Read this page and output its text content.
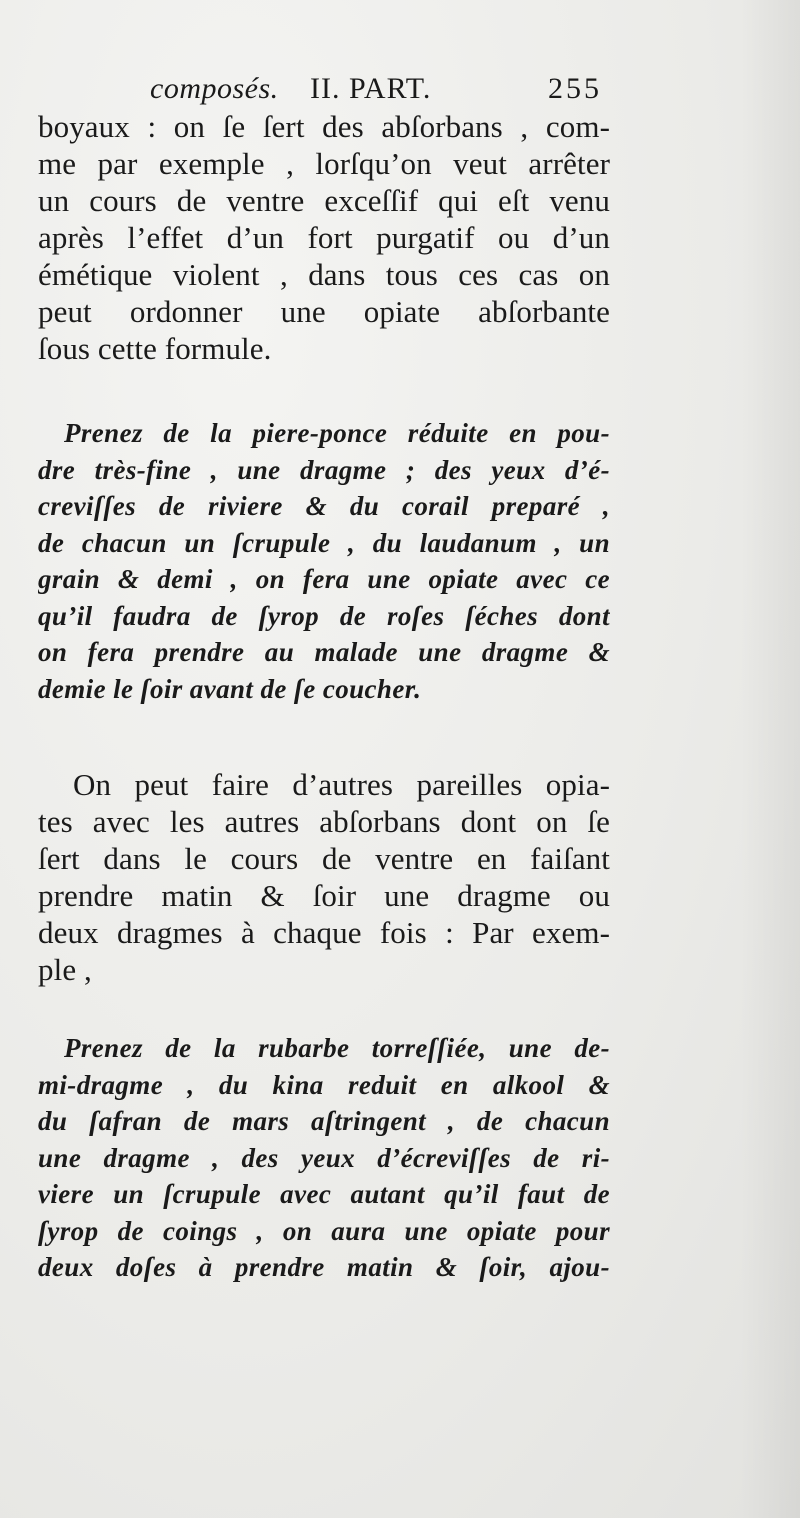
composés. II. PART.	255
boyaux : on ſe ſert des abſorbans , com-
me par exemple , lorſqu’on veut arrêter
un cours de ventre exceſſif qui eſt venu
après l’effet d’un fort purgatif ou d’un
émétique violent , dans tous ces cas on
peut ordonner une opiate abſorbante
ſous cette formule.
Prenez de la piere-ponce réduite en pou-
dre très-fine , une dragme ; des yeux d’é-
creviſſes de riviere & du corail preparé ,
de chacun un ſcrupule , du laudanum , un
grain & demi , on fera une opiate avec ce
qu’il faudra de ſyrop de roſes ſéches dont
on fera prendre au malade une dragme &
demie le ſoir avant de ſe coucher.
On peut faire d’autres pareilles opia-
tes avec les autres abſorbans dont on ſe
ſert dans le cours de ventre en faiſant
prendre matin & ſoir une dragme ou
deux dragmes à chaque fois : Par exem-
ple ,
Prenez de la rubarbe torreſſiée, une de-
mi-dragme , du kina reduit en alkool &
du ſafran de mars aſtringent , de chacun
une dragme , des yeux d’écreviſſes de ri-
viere un ſcrupule avec autant qu’il faut de
ſyrop de coings , on aura une opiate pour
deux doſes à prendre matin & ſoir, ajou-
